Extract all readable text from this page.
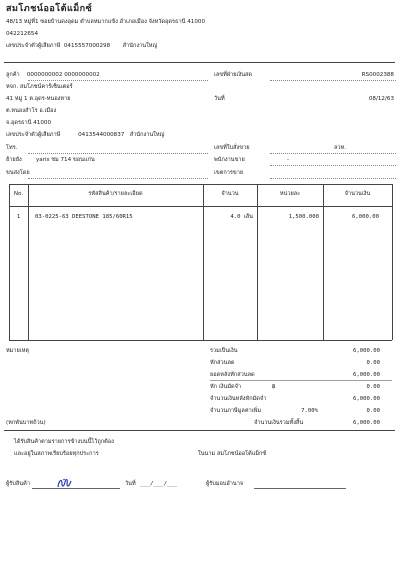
สมโภชน์ออโต้แม็กซ์
48/13 หมู่ที่1 ซอยบ้านดงอุดม ตำบลหมากแข้ง อำเภอเมือง จังหวัดอุดรธานี 41000
042212654
เลขประจำตัวผู้เสียภาษี 0415557000298 สำนักงานใหญ่
ลูกค้า 0000000002 0000000002
หจก. สมโภชน์คาร์เซ็นเตอร์
41 หมู่ 1 ต.อุดร-หนองหาย
ต.หนองสำโร อ.เมือง
จ.อุดรธานี 41000
เลขประจำตัวผู้เสียภาษี	0413544000837 สำนักงานใหญ่
โทร.
ย้ายยัง	yaris ชม 714 ขอนแก่น
ขนส่งโดย
เลขที่ฝ่ายเงินสด	RS0002388
วันที่	08/12/63
เลขที่ใบสั่งขาย	ลวท.
พนักงานขาย	-
เขตการขาย
No.	รหัสสินค้า/รายละเอียด	จำนวน	หน่วยละ	จำนวนเงิน
1	03-0225-63 DEESTONE 185/60R15	4.0 เส้น	1,500.000	6,000.00
หมายเหตุ	รวมเป็นเงิน	6,000.00
หักส่วนลด	0.00
ยอดหลังหักส่วนลด	6,000.00
หัก เงินมัดจำ	฿	0.00
จำนวนเงินหลังหักมัดจำ	6,000.00
จำนวนภาษีมูลค่าเพิ่ม	7.00%	0.00
(หกพันบาทถ้วน)	จำนวนเงินรวมทั้งสิ้น	6,000.00
ได้รับสินค้าตามรายการข้างบนนี้ไว้ถูกต้อง
และอยู่ในสภาพเรียบร้อยทุกประการ	ในนาม สมโภชน์ออโต้แม็กซ์
ผู้รับสินค้า	วันที่ ___/___/___	ผู้รับมอบอำนาจ
